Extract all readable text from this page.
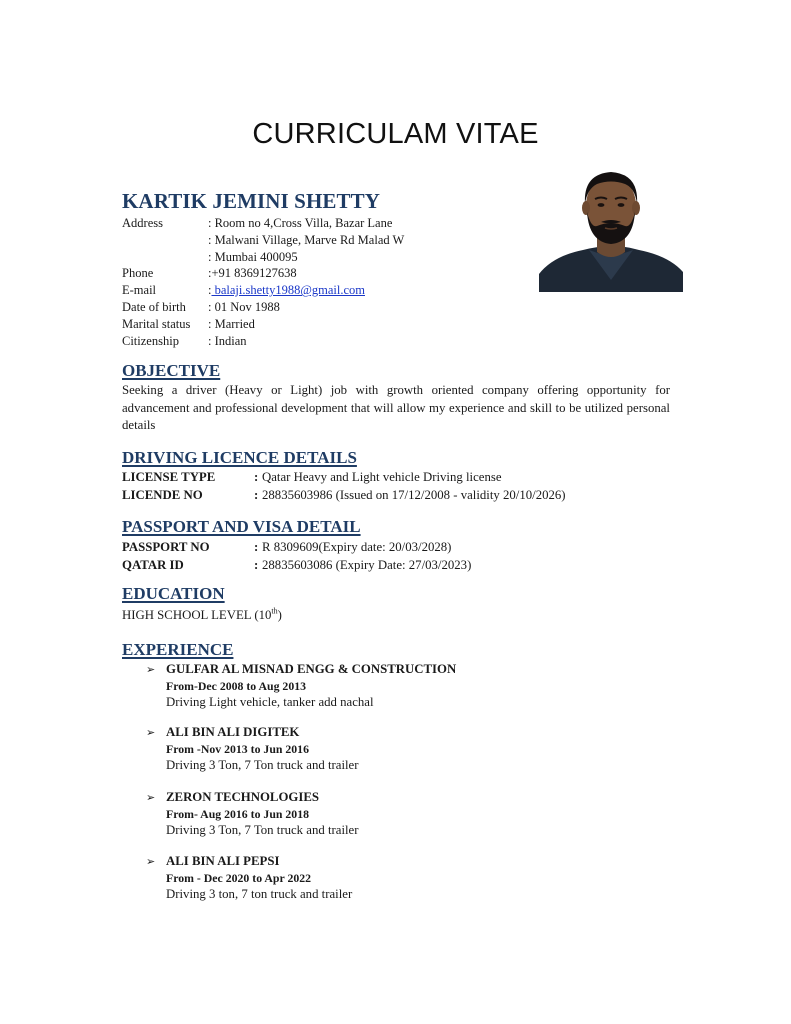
CURRICULAM VITAE
KARTIK JEMINI SHETTY
Address	: Room no 4,Cross Villa, Bazar Lane
: Malwani Village, Marve Rd Malad W
: Mumbai 400095
Phone	:+91 8369127638
E-mail	: balaji.shetty1988@gmail.com
Date of birth	: 01 Nov 1988
Marital status	: Married
Citizenship	: Indian
OBJECTIVE
Seeking a driver (Heavy or Light) job with growth oriented company offering opportunity for advancement and professional development that will allow my experience and skill to be utilized personal details
DRIVING LICENCE DETAILS
LICENSE TYPE	: Qatar Heavy and Light vehicle Driving license
LICENDE NO	: 28835603986 (Issued on 17/12/2008 - validity 20/10/2026)
PASSPORT AND VISA DETAIL
PASSPORT NO	: R 8309609(Expiry date: 20/03/2028)
QATAR ID	: 28835603086 (Expiry Date: 27/03/2023)
EDUCATION
HIGH SCHOOL LEVEL (10th)
EXPERIENCE
➢ GULFAR AL MISNAD ENGG & CONSTRUCTION
From-Dec 2008 to Aug 2013
Driving Light vehicle, tanker add nachal
➢ ALI BIN ALI DIGITEK
From -Nov 2013 to Jun 2016
Driving 3 Ton, 7 Ton truck and trailer
➢ ZERON TECHNOLOGIES
From- Aug 2016 to Jun 2018
Driving 3 Ton, 7 Ton truck and trailer
➢ ALI BIN ALI PEPSI
From - Dec 2020 to Apr 2022
Driving 3 ton, 7 ton truck and trailer
